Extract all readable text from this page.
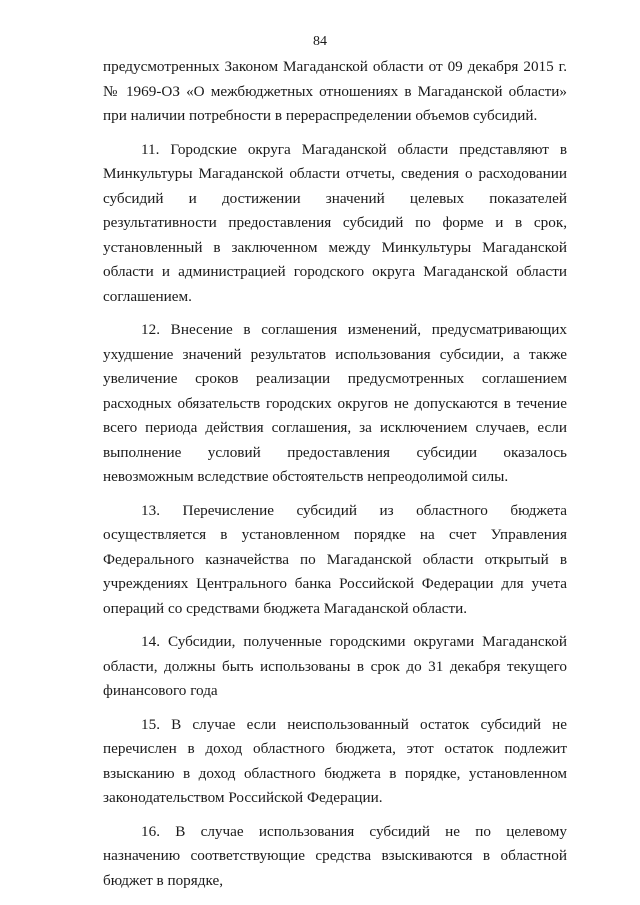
84

предусмотренных Законом Магаданской области от 09 декабря 2015 г. № 1969-ОЗ «О межбюджетных отношениях в Магаданской области» при наличии потребности в перераспределении объемов субсидий.

11. Городские округа Магаданской области представляют в Минкультуры Магаданской области отчеты, сведения о расходовании субсидий и достижении значений целевых показателей результативности предоставления субсидий по форме и в срок, установленный в заключенном между Минкультуры Магаданской области и администрацией городского округа Магаданской области соглашением.

12. Внесение в соглашения изменений, предусматривающих ухудшение значений результатов использования субсидии, а также увеличение сроков реализации предусмотренных соглашением расходных обязательств городских округов не допускаются в течение всего периода действия соглашения, за исключением случаев, если выполнение условий предоставления субсидии оказалось невозможным вследствие обстоятельств непреодолимой силы.

13. Перечисление субсидий из областного бюджета осуществляется в установленном порядке на счет Управления Федерального казначейства по Магаданской области открытый в учреждениях Центрального банка Российской Федерации для учета операций со средствами бюджета Магаданской области.

14. Субсидии, полученные городскими округами Магаданской области, должны быть использованы в срок до 31 декабря текущего финансового года

15. В случае если неиспользованный остаток субсидий не перечислен в доход областного бюджета, этот остаток подлежит взысканию в доход областного бюджета в порядке, установленном законодательством Российской Федерации.

16. В случае использования субсидий не по целевому назначению соответствующие средства взыскиваются в областной бюджет в порядке,
